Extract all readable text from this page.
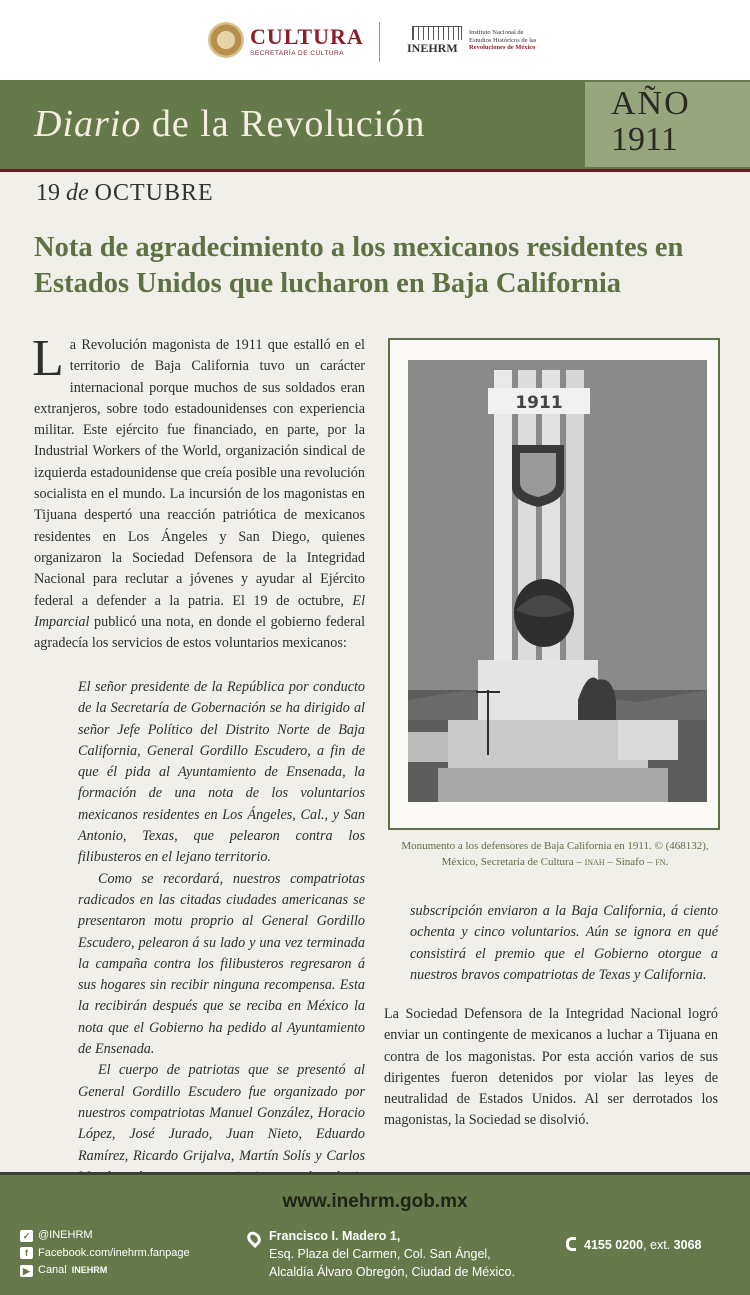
CULTURA
SECRETARÍA DE CULTURA	INEHRM
Instituto Nacional de
Estudios Históricos de las
Revoluciones de México
Diario de la Revolución	AÑO
1911
19 de OCTUBRE
Nota de agradecimiento a los mexicanos residentes en Estados Unidos que lucharon en Baja California
La Revolución magonista de 1911 que estalló en el territorio de Baja California tuvo un carácter internacional porque muchos de sus soldados eran extranjeros, sobre todo estadounidenses con experiencia militar. Este ejército fue financiado, en parte, por la Industrial Workers of the World, organización sindical de izquierda estadounidense que creía posible una revolución socialista en el mundo. La incursión de los magonistas en Tijuana despertó una reacción patriótica de mexicanos residentes en Los Ángeles y San Diego, quienes organizaron la Sociedad Defensora de la Integridad Nacional para reclutar a jóvenes y ayudar al Ejército federal a defender a la patria. El 19 de octubre, El Imparcial publicó una nota, en donde el gobierno federal agradecía los servicios de estos voluntarios mexicanos:

El señor presidente de la República por conducto de la Secretaría de Gobernación se ha dirigido al señor Jefe Político del Distrito Norte de Baja California, General Gordillo Escudero, a fin de que él pida al Ayuntamiento de Ensenada, la formación de una nota de los voluntarios mexicanos residentes en Los Ángeles, Cal., y San Antonio, Texas, que pelearon contra los filibusteros en el lejano territorio.

Como se recordará, nuestros compatriotas radicados en las citadas ciudades americanas se presentaron motu proprio al General Gordillo Escudero, pelearon á su lado y una vez terminada la campaña contra los filibusteros regresaron á sus hogares sin recibir ninguna recompensa. Esta la recibirán después que se reciba en México la nota que el Gobierno ha pedido al Ayuntamiento de Ensenada.

El cuerpo de patriotas que se presentó al General Gordillo Escudero fue organizado por nuestros compatriotas Manuel González, Horacio López, José Jurado, Juan Nieto, Eduardo Ramírez, Ricardo Grijalva, Martín Solís y Carlos

1911
Monumento a los defensores de Baja California en 1911. © (468132), México, Secretaría de Cultura – inah – Sinafo – fn.
subscripción enviaron a la Baja California, á ciento ochenta y cinco voluntarios. Aún se ignora en qué consistirá el premio que el Gobierno otorgue a nuestros bravos compatriotas de Texas y California.
La Sociedad Defensora de la Integridad Nacional logró enviar un contingente de mexicanos a luchar a Tijuana en contra de los magonistas. Por esta acción varios de sus dirigentes fueron detenidos por violar las leyes de neutralidad de Estados Unidos. Al ser derrotados los magonistas, la Sociedad se disolvió.
www.inehrm.gob.mx
✓ @INEHRM
f Facebook.com/inehrm.fanpage
▶ Canal INEHRM
Francisco I. Madero 1,
Esq. Plaza del Carmen, Col. San Ángel,
Alcaldía Álvaro Obregón, Ciudad de México.
4155 0200, ext. 3068
